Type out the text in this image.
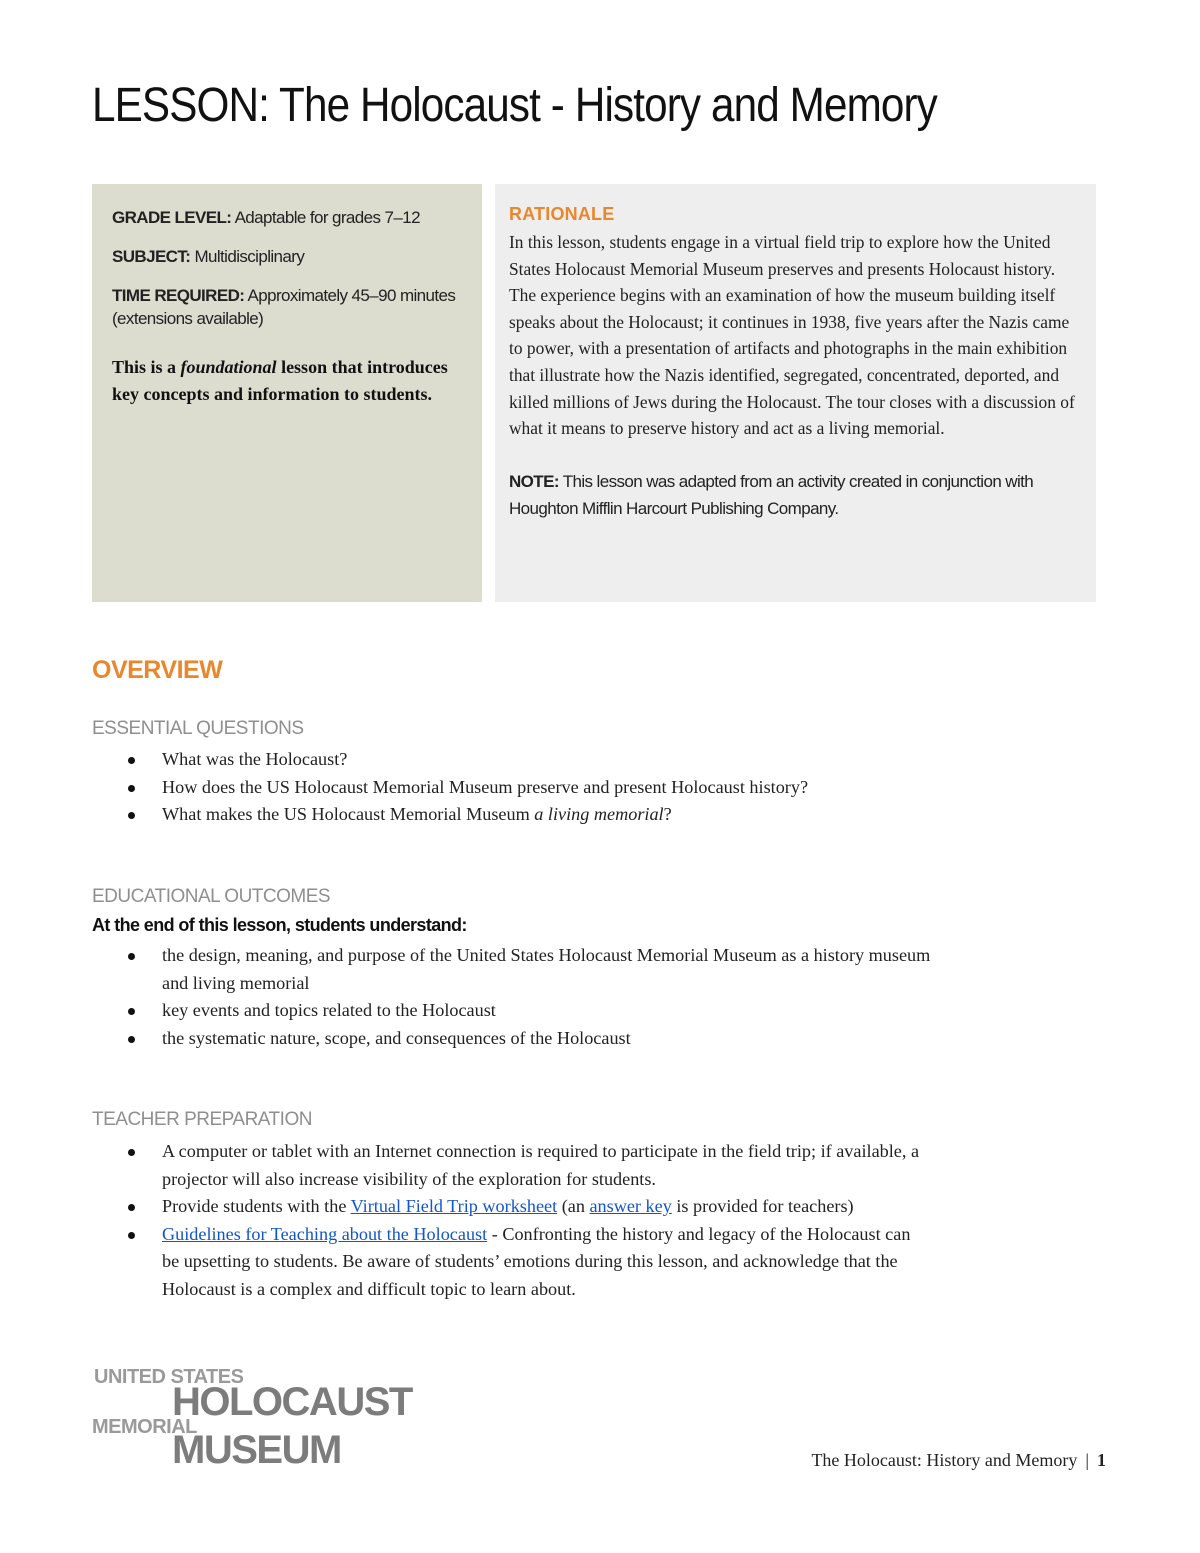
LESSON: The Holocaust - History and Memory
GRADE LEVEL: Adaptable for grades 7–12
SUBJECT: Multidisciplinary
TIME REQUIRED: Approximately 45–90 minutes (extensions available)
This is a foundational lesson that introduces key concepts and information to students.
RATIONALE
In this lesson, students engage in a virtual field trip to explore how the United States Holocaust Memorial Museum preserves and presents Holocaust history. The experience begins with an examination of how the museum building itself speaks about the Holocaust; it continues in 1938, five years after the Nazis came to power, with a presentation of artifacts and photographs in the main exhibition that illustrate how the Nazis identified, segregated, concentrated, deported, and killed millions of Jews during the Holocaust. The tour closes with a discussion of what it means to preserve history and act as a living memorial.
NOTE: This lesson was adapted from an activity created in conjunction with Houghton Mifflin Harcourt Publishing Company.
OVERVIEW
ESSENTIAL QUESTIONS
What was the Holocaust?
How does the US Holocaust Memorial Museum preserve and present Holocaust history?
What makes the US Holocaust Memorial Museum a living memorial?
EDUCATIONAL OUTCOMES
At the end of this lesson, students understand:
the design, meaning, and purpose of the United States Holocaust Memorial Museum as a history museum and living memorial
key events and topics related to the Holocaust
the systematic nature, scope, and consequences of the Holocaust
TEACHER PREPARATION
A computer or tablet with an Internet connection is required to participate in the field trip; if available, a projector will also increase visibility of the exploration for students.
Provide students with the Virtual Field Trip worksheet (an answer key is provided for teachers)
Guidelines for Teaching about the Holocaust - Confronting the history and legacy of the Holocaust can be upsetting to students. Be aware of students’ emotions during this lesson, and acknowledge that the Holocaust is a complex and difficult topic to learn about.
UNITED STATES
HOLOCAUST
MEMORIAL
MUSEUM	The Holocaust: History and Memory | 1
